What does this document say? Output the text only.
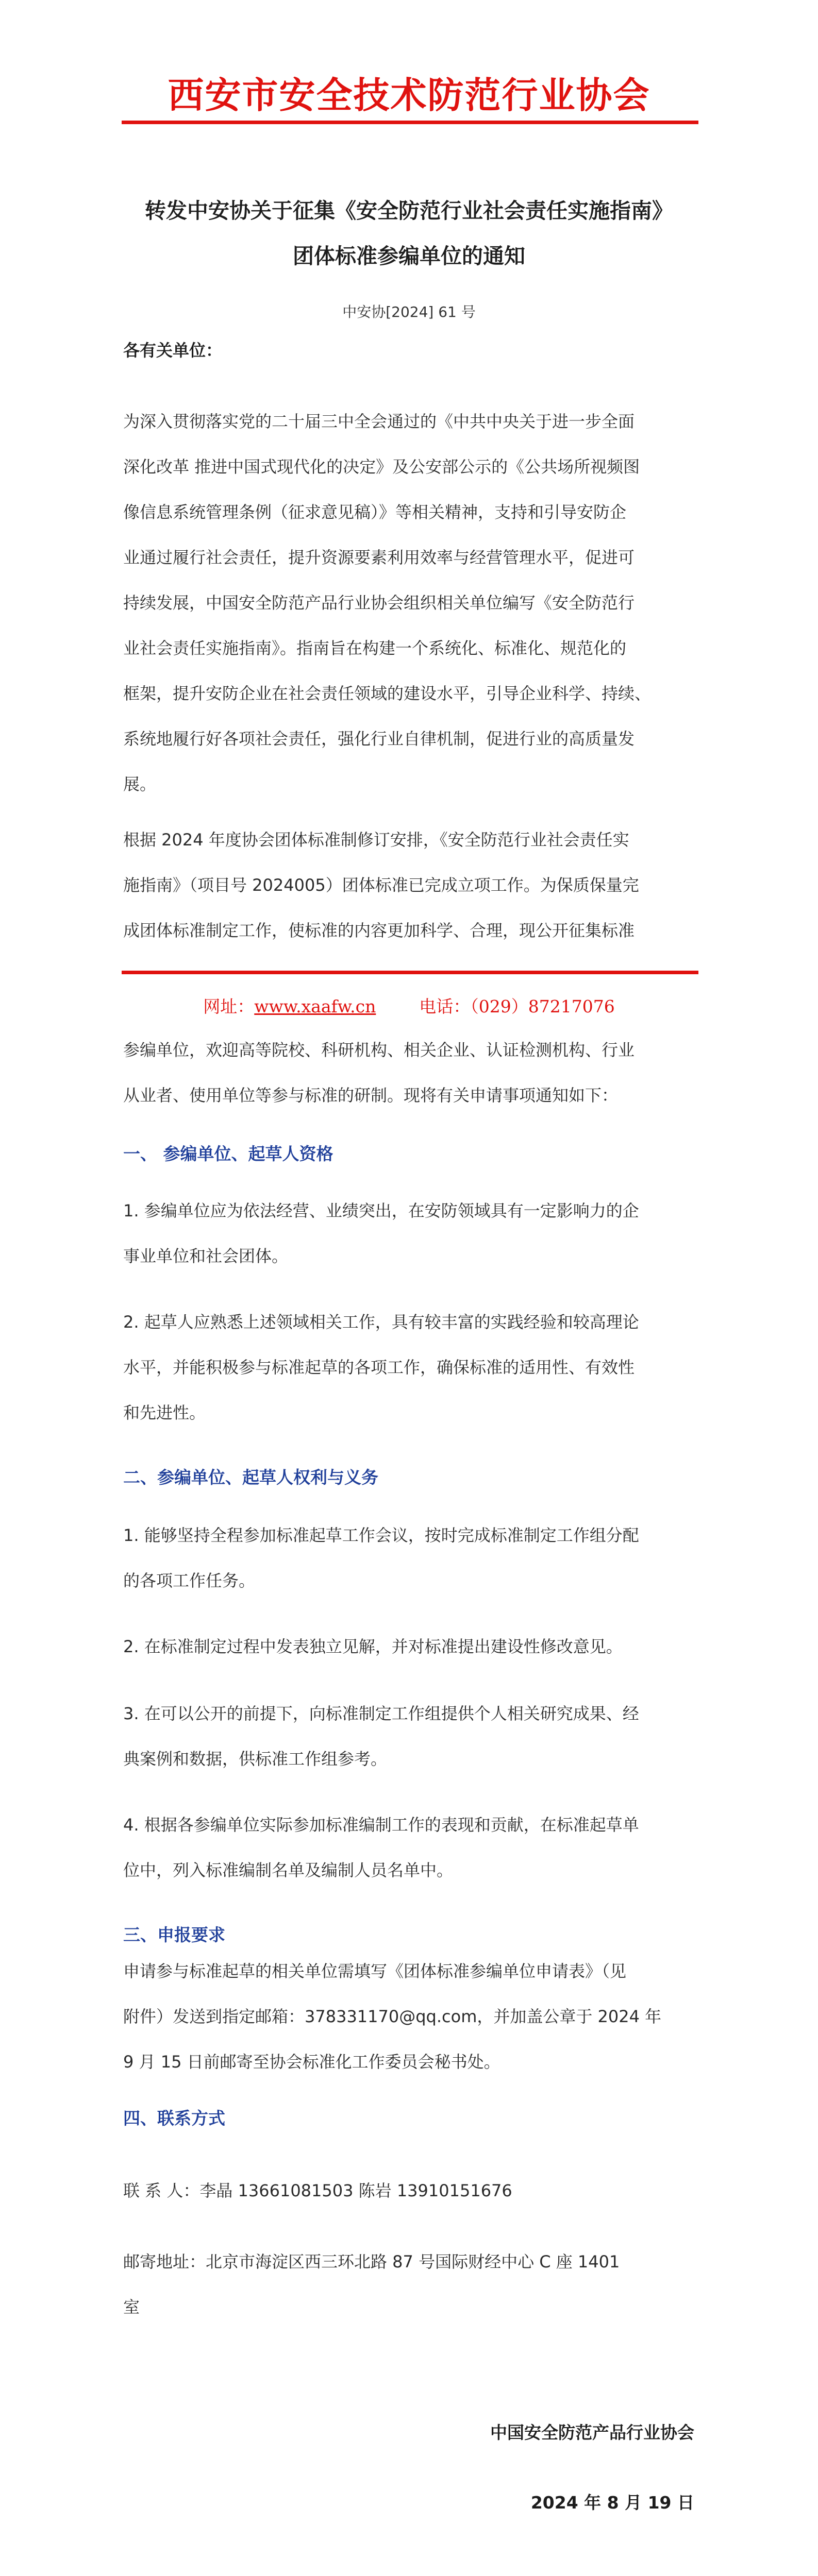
西安市安全技术防范行业协会
转发中安协关于征集《安全防范行业社会责任实施指南》
团体标准参编单位的通知
中安协[2024] 61 号
各有关单位：
为深入贯彻落实党的二十届三中全会通过的《中共中央关于进一步全面
深化改革 推进中国式现代化的决定》及公安部公示的《公共场所视频图
像信息系统管理条例（征求意见稿）》等相关精神，支持和引导安防企
业通过履行社会责任，提升资源要素利用效率与经营管理水平，促进可
持续发展，中国安全防范产品行业协会组织相关单位编写《安全防范行
业社会责任实施指南》。指南旨在构建一个系统化、标准化、规范化的
框架，提升安防企业在社会责任领域的建设水平，引导企业科学、持续、
系统地履行好各项社会责任，强化行业自律机制，促进行业的高质量发
展。
根据 2024 年度协会团体标准制修订安排，《安全防范行业社会责任实
施指南》（项目号 2024005）团体标准已完成立项工作。为保质保量完
成团体标准制定工作，使标准的内容更加科学、合理，现公开征集标准
网址：www.xaafw.cn	电话：（029）87217076
参编单位，欢迎高等院校、科研机构、相关企业、认证检测机构、行业
从业者、使用单位等参与标准的研制。现将有关申请事项通知如下：
一、 参编单位、起草人资格
1. 参编单位应为依法经营、业绩突出，在安防领域具有一定影响力的企
事业单位和社会团体。
2. 起草人应熟悉上述领域相关工作，具有较丰富的实践经验和较高理论
水平，并能积极参与标准起草的各项工作，确保标准的适用性、有效性
和先进性。
二、参编单位、起草人权利与义务
1. 能够坚持全程参加标准起草工作会议，按时完成标准制定工作组分配
的各项工作任务。
2. 在标准制定过程中发表独立见解，并对标准提出建设性修改意见。
3. 在可以公开的前提下，向标准制定工作组提供个人相关研究成果、经
典案例和数据，供标准工作组参考。
4. 根据各参编单位实际参加标准编制工作的表现和贡献，在标准起草单
位中，列入标准编制名单及编制人员名单中。
三、申报要求
申请参与标准起草的相关单位需填写《团体标准参编单位申请表》（见
附件）发送到指定邮箱：378331170@qq.com，并加盖公章于 2024 年
9 月 15 日前邮寄至协会标准化工作委员会秘书处。
四、联系方式
联 系 人：李晶 13661081503 陈岩 13910151676
邮寄地址：北京市海淀区西三环北路 87 号国际财经中心 C 座 1401
室
中国安全防范产品行业协会
2024 年 8 月 19 日
